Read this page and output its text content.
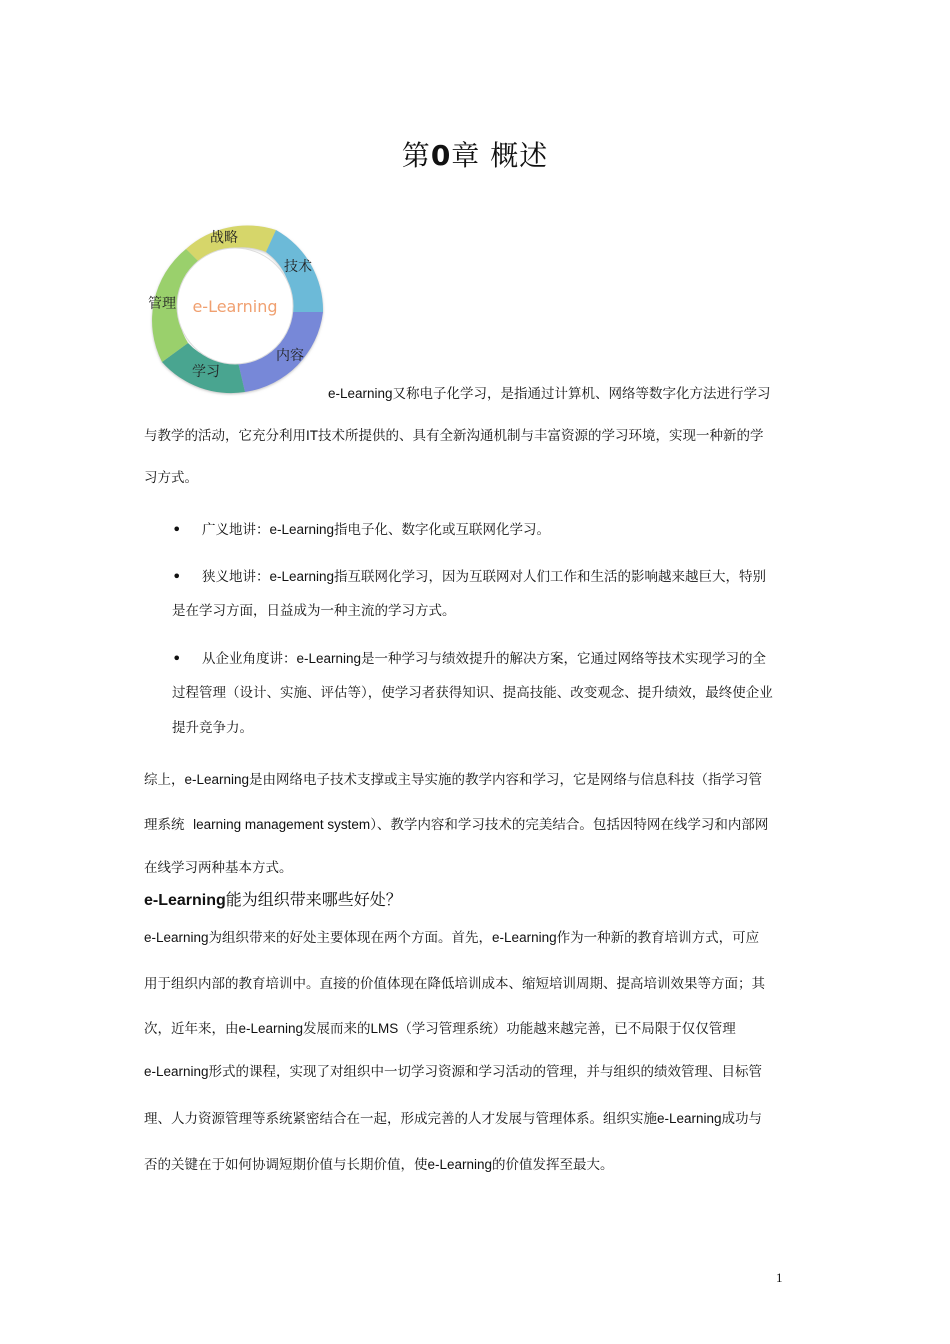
第0章 概述
e-Learning
战略
技术
内容
学习
管理
e-Learning又称电子化学习，是指通过计算机、网络等数字化方法进行学习
与教学的活动，它充分利用IT技术所提供的、具有全新沟通机制与丰富资源的学习环境，实现一种新的学
习方式。
• 广义地讲：e-Learning指电子化、数字化或互联网化学习。
• 狭义地讲：e-Learning指互联网化学习，因为互联网对人们工作和生活的影响越来越巨大，特别
是在学习方面，日益成为一种主流的学习方式。
• 从企业角度讲：e-Learning是一种学习与绩效提升的解决方案，它通过网络等技术实现学习的全
过程管理（设计、实施、评估等），使学习者获得知识、提高技能、改变观念、提升绩效，最终使企业
提升竞争力。
综上，e-Learning是由网络电子技术支撑或主导实施的教学内容和学习，它是网络与信息科技（指学习管
理系统 learning management system）、教学内容和学习技术的完美结合。包括因特网在线学习和内部网
在线学习两种基本方式。
e-Learning能为组织带来哪些好处？
e-Learning为组织带来的好处主要体现在两个方面。首先，e-Learning作为一种新的教育培训方式，可应
用于组织内部的教育培训中。直接的价值体现在降低培训成本、缩短培训周期、提高培训效果等方面；其
次，近年来，由e-Learning发展而来的LMS（学习管理系统）功能越来越完善，已不局限于仅仅管理
e-Learning形式的课程，实现了对组织中一切学习资源和学习活动的管理，并与组织的绩效管理、目标管
理、人力资源管理等系统紧密结合在一起，形成完善的人才发展与管理体系。组织实施e-Learning成功与
否的关键在于如何协调短期价值与长期价值，使e-Learning的价值发挥至最大。
1
